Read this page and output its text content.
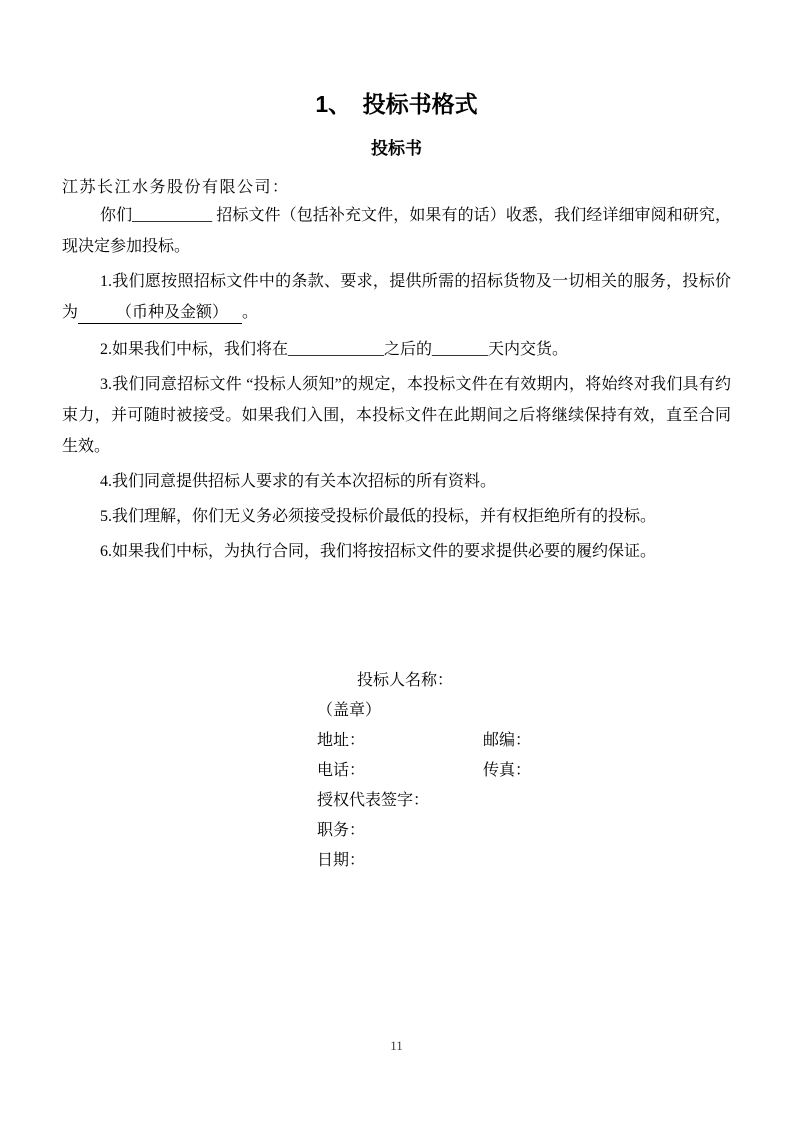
1、　投标书格式
投标书

江苏长江水务股份有限公司：

你们__________ 招标文件（包括补充文件，如果有的话）收悉，我们经详细审阅和研究，现决定参加投标。

1.我们愿按照招标文件中的条款、要求，提供所需的招标货物及一切相关的服务，投标价为 （币种及金额） 。

2.如果我们中标，我们将在____________之后的_______天内交货。

3.我们同意招标文件 “投标人须知”的规定，本投标文件在有效期内，将始终对我们具有约束力，并可随时被接受。如果我们入围，本投标文件在此期间之后将继续保持有效，直至合同生效。

4.我们同意提供招标人要求的有关本次招标的所有资料。

5.我们理解，你们无义务必须接受投标价最低的投标，并有权拒绝所有的投标。

6.如果我们中标，为执行合同，我们将按招标文件的要求提供必要的履约保证。

投标人名称：
（盖章）
地址：	邮编：
电话：	传真：
授权代表签字：
职务：
日期：
11
